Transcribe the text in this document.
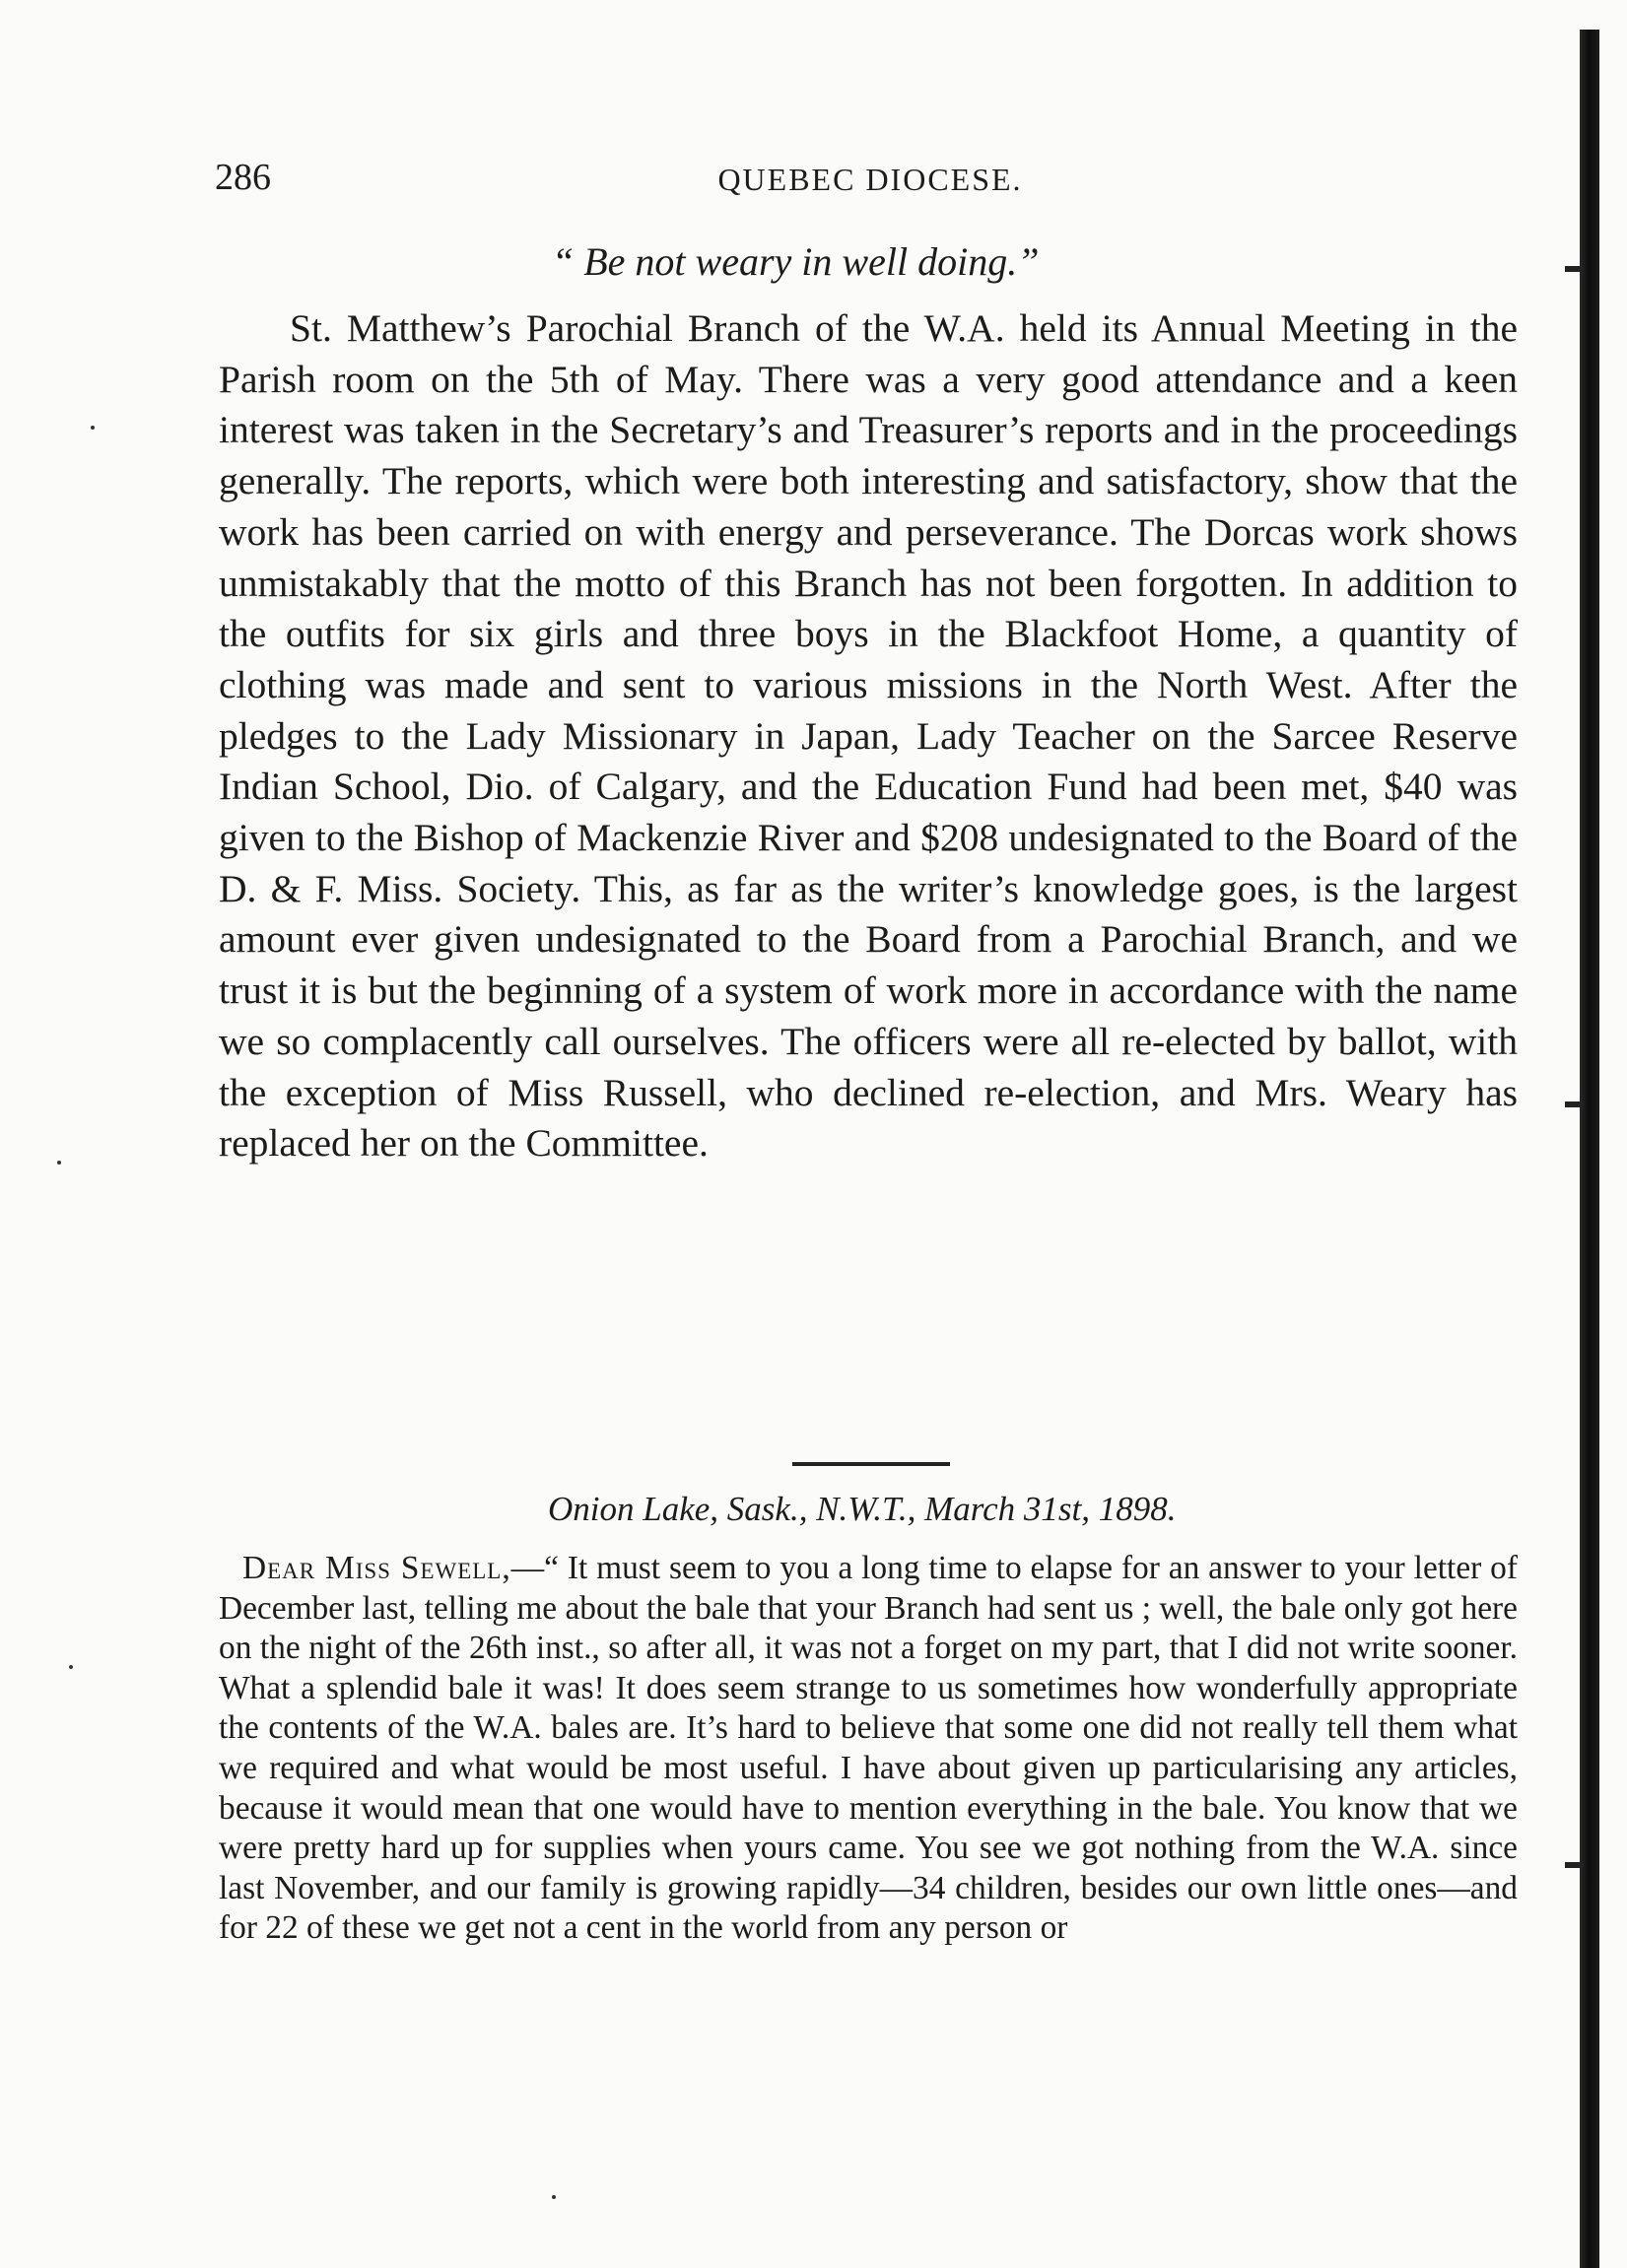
286	QUEBEC DIOCESE.
“ Be not weary in well doing.”

St. Matthew’s Parochial Branch of the W.A. held its Annual Meeting in the Parish room on the 5th of May. There was a very good attendance and a keen interest was taken in the Secretary’s and Treasurer’s reports and in the proceedings generally. The reports, which were both interesting and satisfactory, show that the work has been carried on with energy and perseverance. The Dorcas work shows unmistakably that the motto of this Branch has not been forgotten. In addition to the outfits for six girls and three boys in the Blackfoot Home, a quantity of clothing was made and sent to various missions in the North West. After the pledges to the Lady Missionary in Japan, Lady Teacher on the Sarcee Reserve Indian School, Dio. of Calgary, and the Education Fund had been met, $40 was given to the Bishop of Mackenzie River and $208 undesignated to the Board of the D. & F. Miss. Society. This, as far as the writer’s knowledge goes, is the largest amount ever given undesignated to the Board from a Parochial Branch, and we trust it is but the beginning of a system of work more in accordance with the name we so complacently call ourselves. The officers were all re-elected by ballot, with the exception of Miss Russell, who declined re-election, and Mrs. Weary has replaced her on the Committee.

Onion Lake, Sask., N.W.T., March 31st, 1898.

Dear Miss Sewell,—“ It must seem to you a long time to elapse for an answer to your letter of December last, telling me about the bale that your Branch had sent us ; well, the bale only got here on the night of the 26th inst., so after all, it was not a forget on my part, that I did not write sooner. What a splendid bale it was! It does seem strange to us sometimes how wonderfully appropriate the contents of the W.A. bales are. It’s hard to believe that some one did not really tell them what we required and what would be most useful. I have about given up particularising any articles, because it would mean that one would have to mention everything in the bale. You know that we were pretty hard up for supplies when yours came. You see we got nothing from the W.A. since last November, and our family is growing rapidly—34 children, besides our own little ones—and for 22 of these we get not a cent in the world from any person or
